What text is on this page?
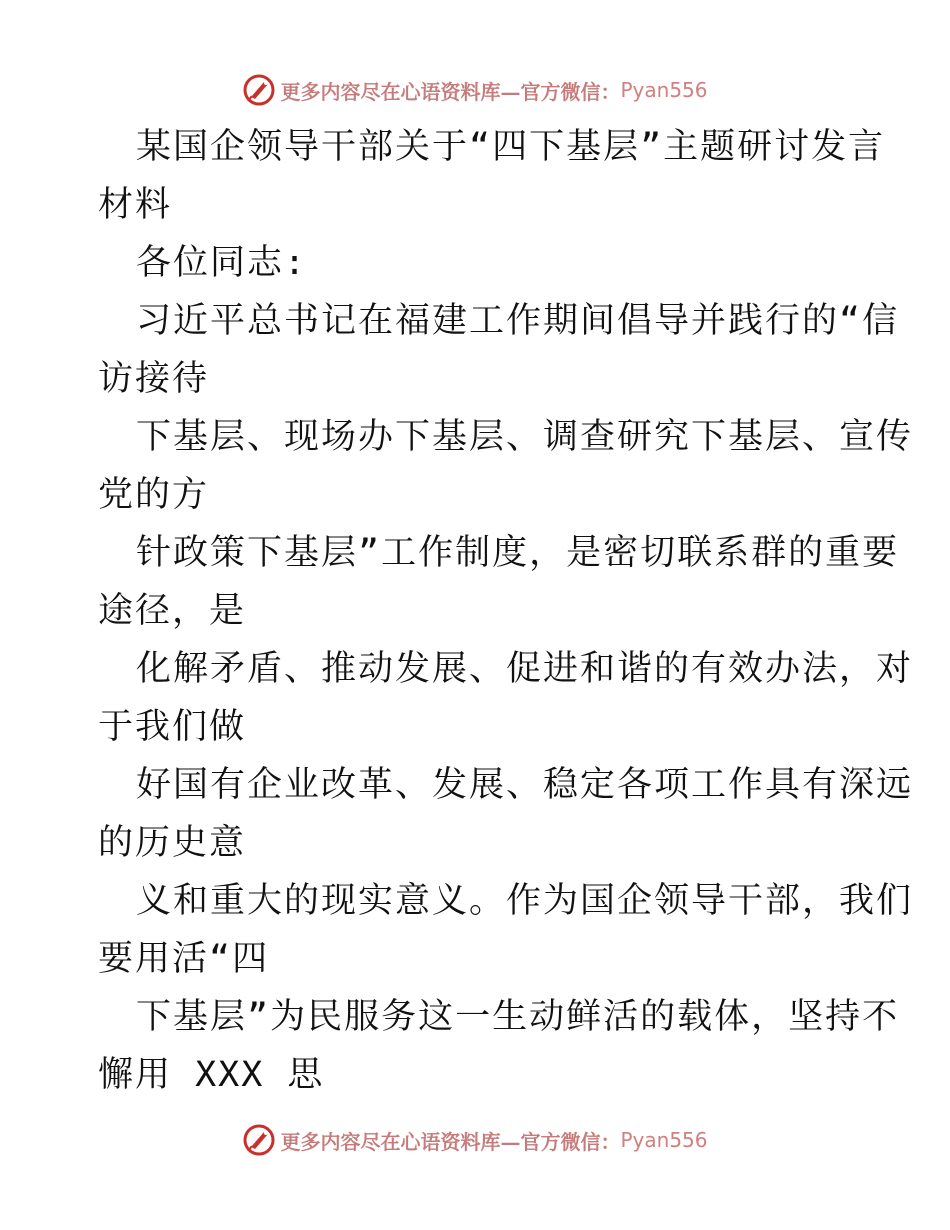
更多内容尽在心语资料库—官方微信： Pyan556
某国企领导干部关于“四下基层”主题研讨发言
材料
各位同志:
习近平总书记在福建工作期间倡导并践行的“信
访接待
下基层、现场办下基层、调查研究下基层、宣传
党的方
针政策下基层”工作制度，是密切联系群的重要
途径，是
化解矛盾、推动发展、促进和谐的有效办法，对
于我们做
好国有企业改革、发展、稳定各项工作具有深远
的历史意
义和重大的现实意义。作为国企领导干部，我们
要用活“四
下基层”为民服务这一生动鲜活的载体，坚持不
懈用 XXX 思
更多内容尽在心语资料库—官方微信： Pyan556
